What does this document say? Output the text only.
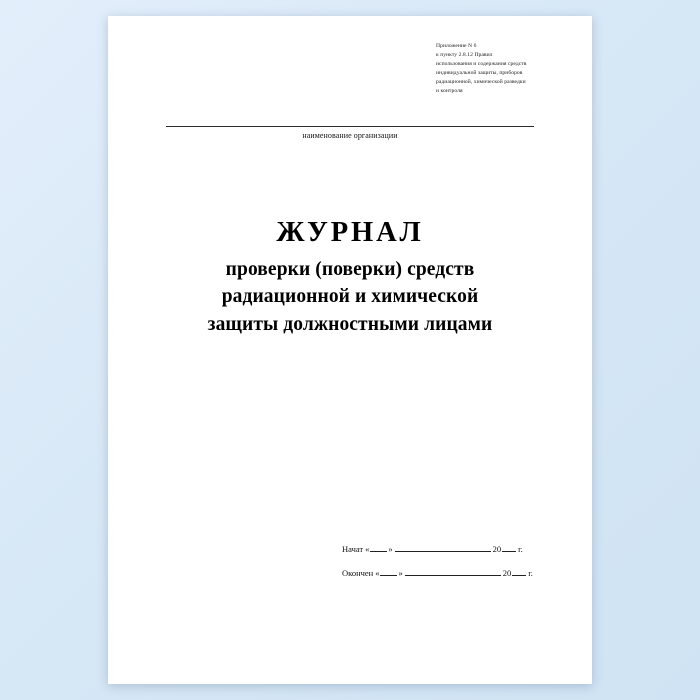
Приложение N 6
к пункту 2.8.12 Правил
использования и содержания средств
индивидуальной защиты, приборов
радиационной, химической разведки
и контроля
наименование организации
ЖУРНАЛ
проверки (поверки) средств
радиационной и химической
защиты должностными лицами
Начат « »	20 г.
Окончен « »	20 г.
